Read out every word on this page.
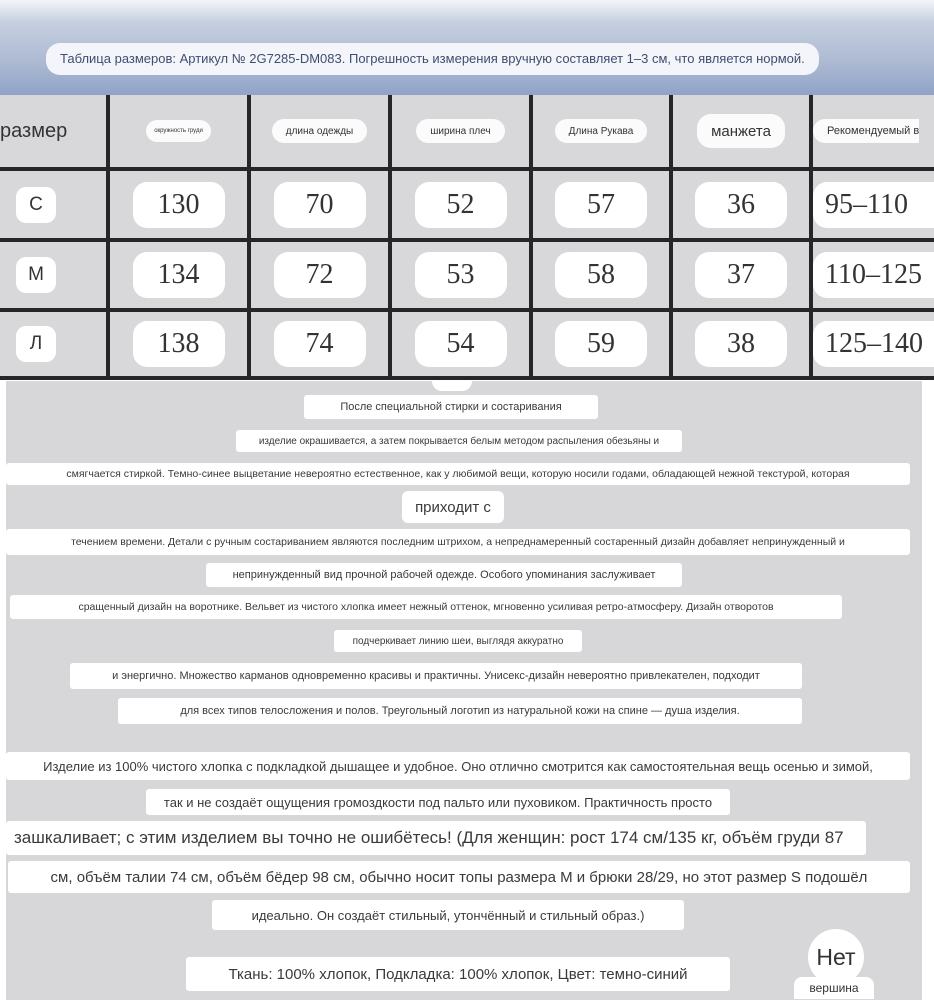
Таблица размеров: Артикул № 2G7285-DM083. Погрешность измерения вручную составляет 1–3 см, что является нормой.
размер	окружность груди	длина одежды	ширина плеч	Длина Рукава	манжета	Рекомендуемый в
С	130	70	52	57	36	95–110
М	134	72	53	58	37	110–125
Л	138	74	54	59	38	125–140
После специальной стирки и состаривания
изделие окрашивается, а затем покрывается белым методом распыления обезьяны и
смягчается стиркой. Темно-синее выцветание невероятно естественное, как у любимой вещи, которую носили годами, обладающей нежной текстурой, которая
приходит с
течением времени. Детали с ручным состариванием являются последним штрихом, а непреднамеренный состаренный дизайн добавляет непринужденный и
непринужденный вид прочной рабочей одежде. Особого упоминания заслуживает
сращенный дизайн на воротнике. Вельвет из чистого хлопка имеет нежный оттенок, мгновенно усиливая ретро-атмосферу. Дизайн отворотов
подчеркивает линию шеи, выглядя аккуратно
и энергично. Множество карманов одновременно красивы и практичны. Унисекс-дизайн невероятно привлекателен, подходит
для всех типов телосложения и полов. Треугольный логотип из натуральной кожи на спине — душа изделия.
Изделие из 100% чистого хлопка с подкладкой дышащее и удобное. Оно отлично смотрится как самостоятельная вещь осенью и зимой,
так и не создаёт ощущения громоздкости под пальто или пуховиком. Практичность просто
зашкаливает; с этим изделием вы точно не ошибётесь! (Для женщин: рост 174 см/135 кг, объём груди 87
см, объём талии 74 см, объём бёдер 98 см, обычно носит топы размера М и брюки 28/29, но этот размер S подошёл
идеально. Он создаёт стильный, утончённый и стильный образ.)
Ткань: 100% хлопок, Подкладка: 100% хлопок, Цвет: темно-синий
Нет
вершина
